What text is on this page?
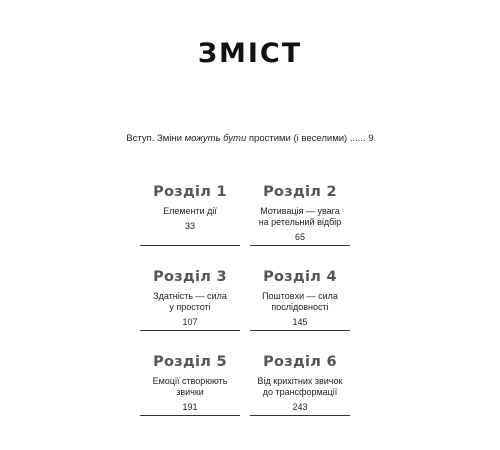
ЗМІСТ
Вступ. Зміни можуть бути простими (і веселими) ...... 9
Розділ 1
Елементи дії
33
Розділ 2
Мотивація — увага
на ретельний відбір
65
Розділ 3
Здатність — сила
у простоті
107
Розділ 4
Поштовхи — сила
послідовності
145
Розділ 5
Емоції створюють
звички
191
Розділ 6
Від крихітних звичок
до трансформації
243
